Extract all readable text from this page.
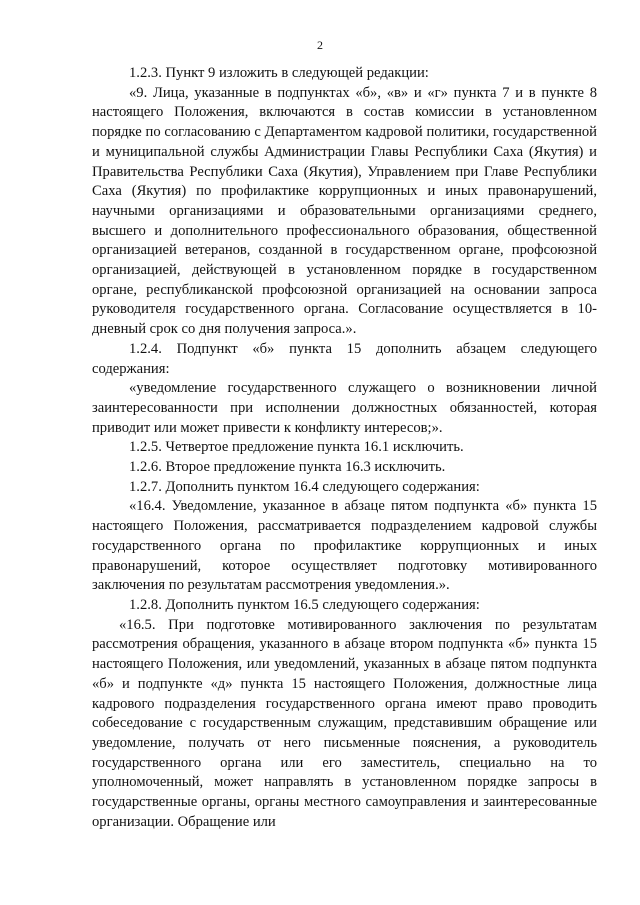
2

1.2.3. Пункт 9 изложить в следующей редакции:

«9. Лица, указанные в подпунктах «б», «в» и «г» пункта 7 и в пункте 8 настоящего Положения, включаются в состав комиссии в установленном порядке по согласованию с Департаментом кадровой политики, государственной и муниципальной службы Администрации Главы Республики Саха (Якутия) и Правительства Республики Саха (Якутия), Управлением при Главе Республики Саха (Якутия) по профилактике коррупционных и иных правонарушений, научными организациями и образовательными организациями среднего, высшего и дополнительного профессионального образования, общественной организацией ветеранов, созданной в государственном органе, профсоюзной организацией, действующей в установленном порядке в государственном органе, республиканской профсоюзной организацией на основании запроса руководителя государственного органа. Согласование осуществляется в 10-дневный срок со дня получения запроса.».

1.2.4. Подпункт «б» пункта 15 дополнить абзацем следующего содержания:

«уведомление государственного служащего о возникновении личной заинтересованности при исполнении должностных обязанностей, которая приводит или может привести к конфликту интересов;».

1.2.5. Четвертое предложение пункта 16.1 исключить.

1.2.6. Второе предложение пункта 16.3 исключить.

1.2.7. Дополнить пунктом 16.4 следующего содержания:

«16.4. Уведомление, указанное в абзаце пятом подпункта «б» пункта 15 настоящего Положения, рассматривается подразделением кадровой службы государственного органа по профилактике коррупционных и иных правонарушений, которое осуществляет подготовку мотивированного заключения по результатам рассмотрения уведомления.».

1.2.8. Дополнить пунктом 16.5 следующего содержания:

«16.5. При подготовке мотивированного заключения по результатам рассмотрения обращения, указанного в абзаце втором подпункта «б» пункта 15 настоящего Положения, или уведомлений, указанных в абзаце пятом подпункта «б» и подпункте «д» пункта 15 настоящего Положения, должностные лица кадрового подразделения государственного органа имеют право проводить собеседование с государственным служащим, представившим обращение или уведомление, получать от него письменные пояснения, а руководитель государственного органа или его заместитель, специально на то уполномоченный, может направлять в установленном порядке запросы в государственные органы, органы местного самоуправления и заинтересованные организации. Обращение или
